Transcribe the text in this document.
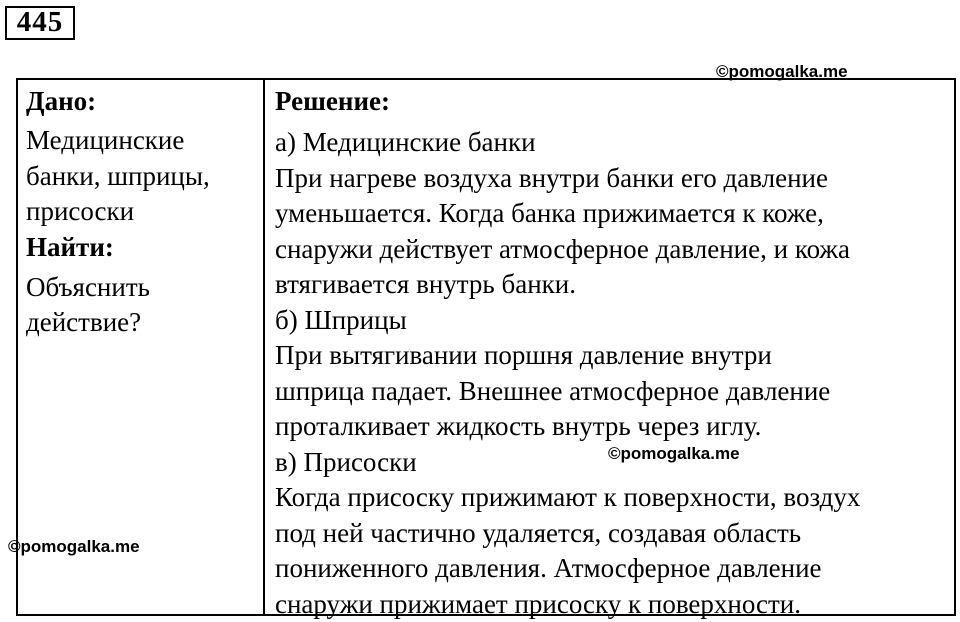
445
©pomogalka.me

Дано:

Медицинские
банки, шприцы,
присоски

Найти:

Объяснить
действие?

Решение:

а) Медицинские банки
При нагреве воздуха внутри банки его давление
уменьшается. Когда банка прижимается к коже,
снаружи действует атмосферное давление, и кожа
втягивается внутрь банки.

б) Шприцы
При вытягивании поршня давление внутри
шприца падает. Внешнее атмосферное давление
проталкивает жидкость внутрь через иглу.

в) Присоски
Когда присоску прижимают к поверхности, воздух
под ней частично удаляется, создавая область
пониженного давления. Атмосферное давление
снаружи прижимает присоску к поверхности.

©pomogalka.me
©pomogalka.me
